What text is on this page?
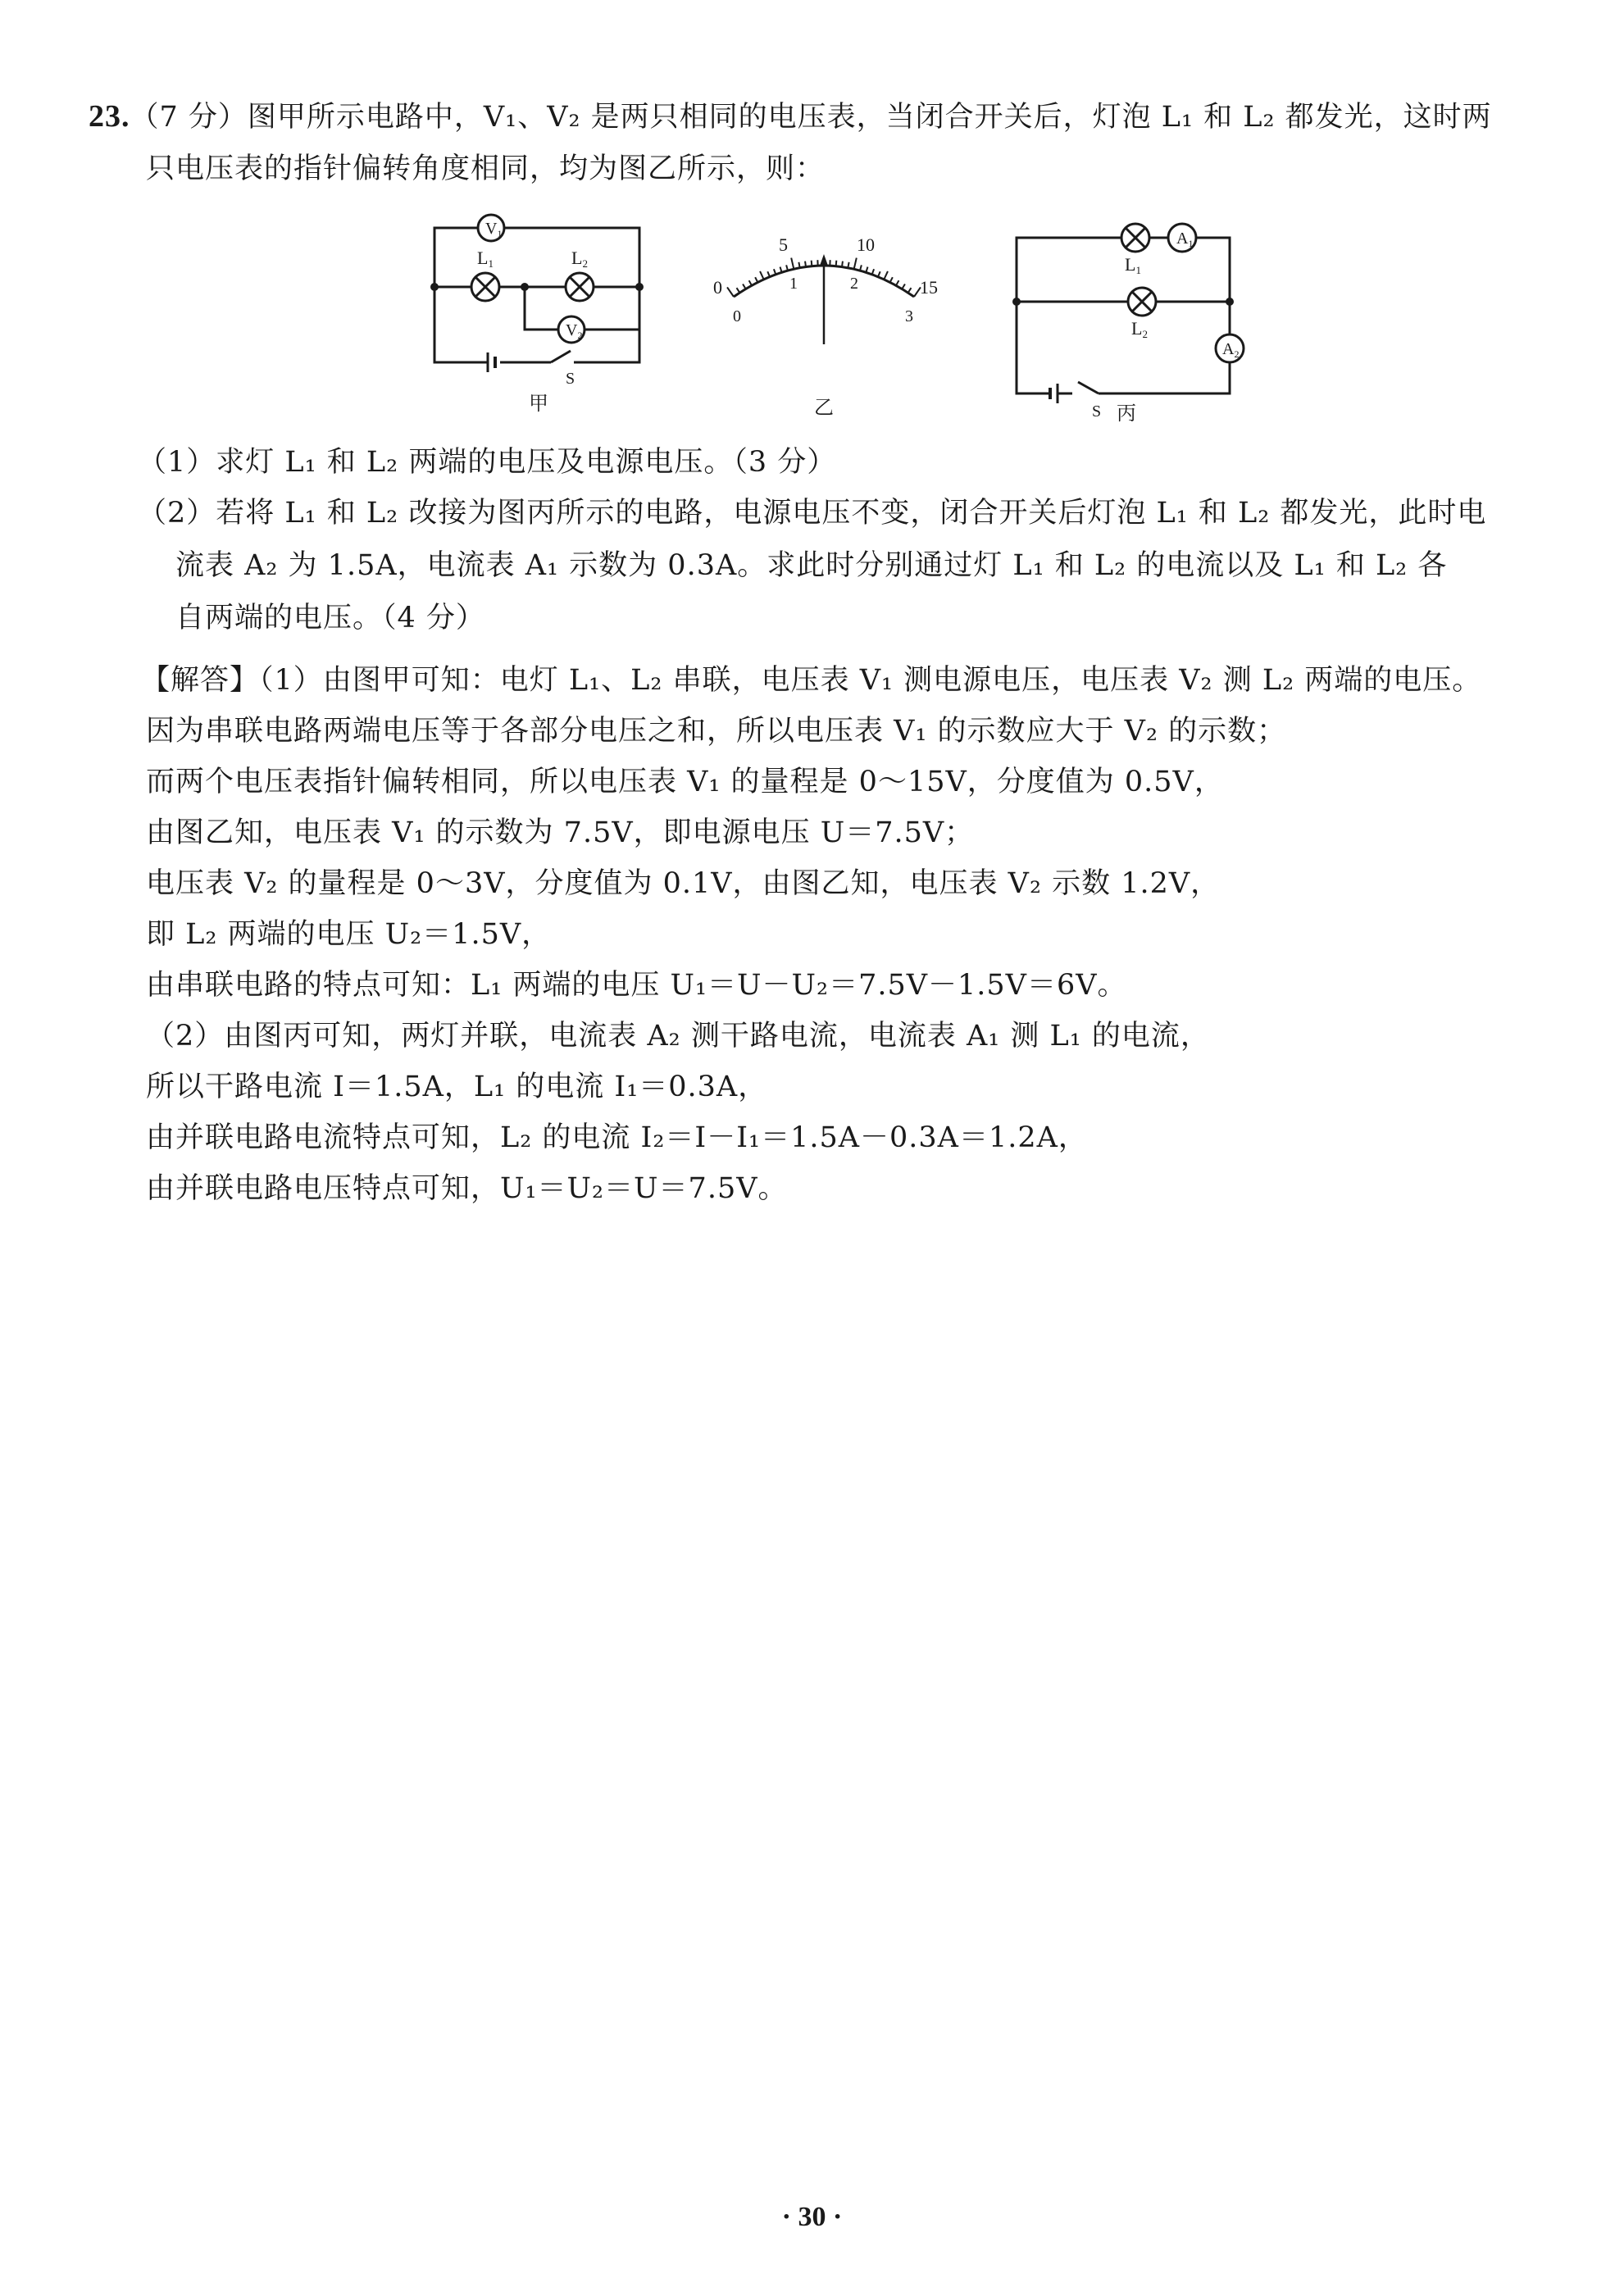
23.（7 分）图甲所示电路中，V₁、V₂ 是两只相同的电压表，当闭合开关后，灯泡 L₁ 和 L₂ 都发光，这时两
只电压表的指针偏转角度相同，均为图乙所示，则：
$V_1$
$V_2$
L1	L2
S
甲
0
5	10
15
0
1	2
3
乙
$A_1$
$A_2$
L1
L2
S 丙
（1）求灯 L₁ 和 L₂ 两端的电压及电源电压。（3 分）
（2）若将 L₁ 和 L₂ 改接为图丙所示的电路，电源电压不变，闭合开关后灯泡 L₁ 和 L₂ 都发光，此时电
流表 A₂ 为 1.5A，电流表 A₁ 示数为 0.3A。求此时分别通过灯 L₁ 和 L₂ 的电流以及 L₁ 和 L₂ 各
自两端的电压。（4 分）
【解答】（1）由图甲可知：电灯 L₁、L₂ 串联，电压表 V₁ 测电源电压，电压表 V₂ 测 L₂ 两端的电压。
因为串联电路两端电压等于各部分电压之和，所以电压表 V₁ 的示数应大于 V₂ 的示数；
而两个电压表指针偏转相同，所以电压表 V₁ 的量程是 0～15V，分度值为 0.5V，
由图乙知，电压表 V₁ 的示数为 7.5V，即电源电压 U＝7.5V；
电压表 V₂ 的量程是 0～3V，分度值为 0.1V，由图乙知，电压表 V₂ 示数 1.2V，
即 L₂ 两端的电压 U₂＝1.5V，
由串联电路的特点可知：L₁ 两端的电压 U₁＝U－U₂＝7.5V－1.5V＝6V。
（2）由图丙可知，两灯并联，电流表 A₂ 测干路电流，电流表 A₁ 测 L₁ 的电流，
所以干路电流 I＝1.5A，L₁ 的电流 I₁＝0.3A，
由并联电路电流特点可知，L₂ 的电流 I₂＝I－I₁＝1.5A－0.3A＝1.2A，
由并联电路电压特点可知，U₁＝U₂＝U＝7.5V。
· 30 ·
